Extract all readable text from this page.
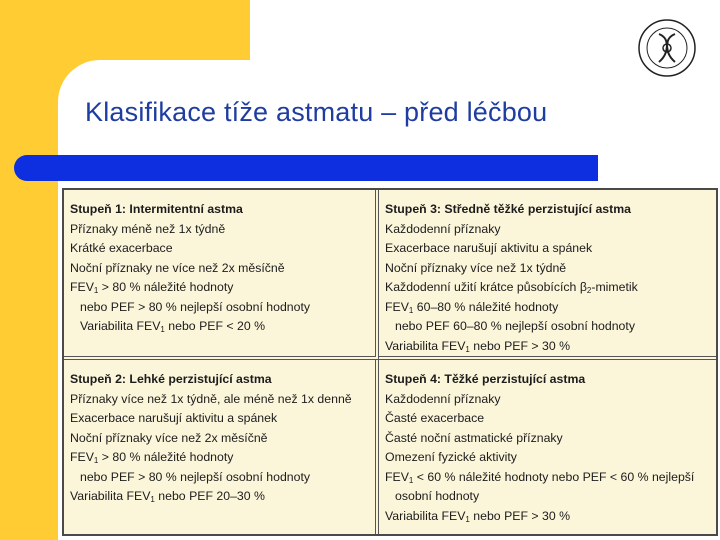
Klasifikace tíže astmatu – před léčbou
Stupeň 1: Intermitentní astma
Příznaky méně než 1x týdně
Krátké exacerbace
Noční příznaky ne více než 2x měsíčně
$FEV_1 > 80$ % náležité hodnoty
nebo PEF > 80 % nejlepší osobní hodnoty
Variabilita $FEV_1$ nebo PEF < 20 %
Stupeň 3: Středně těžké perzistující astma
Každodenní příznaky
Exacerbace narušují aktivitu a spánek
Noční příznaky více než 1x týdně
Každodenní užití krátce působících $\beta_2$-mimetik
$FEV_1$ 60–80 % náležité hodnoty
nebo PEF 60–80 % nejlepší osobní hodnoty
Variabilita $FEV_1$ nebo PEF > 30 %
Stupeň 2: Lehké perzistující astma
Příznaky více než 1x týdně, ale méně než 1x denně
Exacerbace narušují aktivitu a spánek
Noční příznaky více než 2x měsíčně
$FEV_1 > 80$ % náležité hodnoty
nebo PEF > 80 % nejlepší osobní hodnoty
Variabilita $FEV_1$ nebo PEF 20–30 %
Stupeň 4: Těžké perzistující astma
Každodenní příznaky
Časté exacerbace
Časté noční astmatické příznaky
Omezení fyzické aktivity
$FEV_1 < 60$ % náležité hodnoty nebo PEF < 60 % nejlepší
osobní hodnoty
Variabilita $FEV_1$ nebo PEF > 30 %
